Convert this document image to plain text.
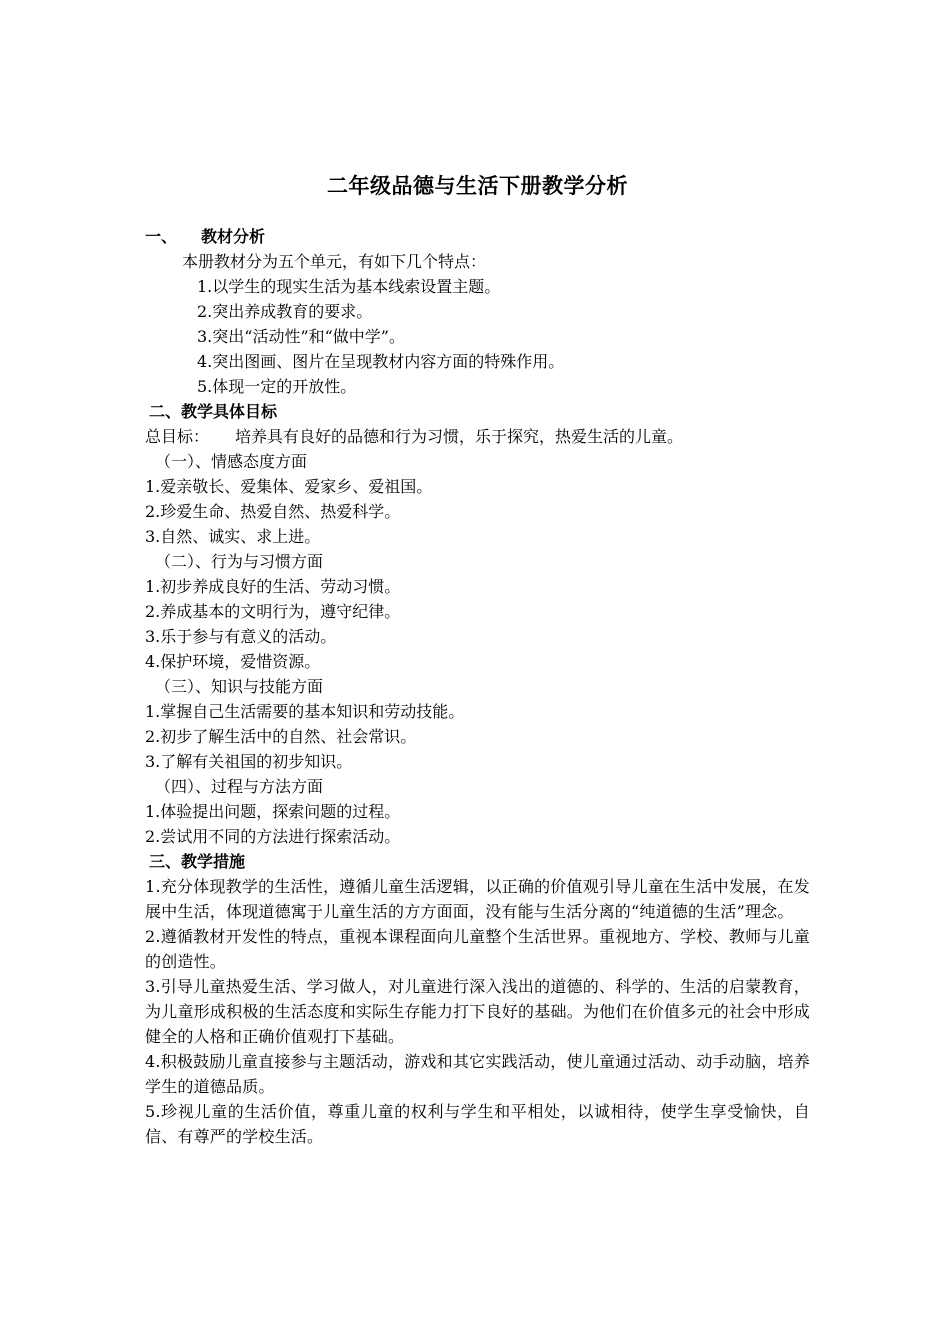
二年级品德与生活下册教学分析
一、 教材分析
本册教材分为五个单元，有如下几个特点：
1.以学生的现实生活为基本线索设置主题。
2.突出养成教育的要求。
3.突出“活动性”和“做中学”。
4.突出图画、图片在呈现教材内容方面的特殊作用。
5.体现一定的开放性。
二、教学具体目标
总目标： 培养具有良好的品德和行为习惯，乐于探究，热爱生活的儿童。
（一）、情感态度方面
1.爱亲敬长、爱集体、爱家乡、爱祖国。
2.珍爱生命、热爱自然、热爱科学。
3.自然、诚实、求上进。
（二）、行为与习惯方面
1.初步养成良好的生活、劳动习惯。
2.养成基本的文明行为，遵守纪律。
3.乐于参与有意义的活动。
4.保护环境，爱惜资源。
（三）、知识与技能方面
1.掌握自己生活需要的基本知识和劳动技能。
2.初步了解生活中的自然、社会常识。
3.了解有关祖国的初步知识。
（四）、过程与方法方面
1.体验提出问题，探索问题的过程。
2.尝试用不同的方法进行探索活动。
三、教学措施
1.充分体现教学的生活性，遵循儿童生活逻辑，以正确的价值观引导儿童在生活中发展，在发展中生活，体现道德寓于儿童生活的方方面面，没有能与生活分离的“纯道德的生活”理念。
2.遵循教材开发性的特点，重视本课程面向儿童整个生活世界。重视地方、学校、教师与儿童的创造性。
3.引导儿童热爱生活、学习做人，对儿童进行深入浅出的道德的、科学的、生活的启蒙教育，为儿童形成积极的生活态度和实际生存能力打下良好的基础。为他们在价值多元的社会中形成健全的人格和正确价值观打下基础。
4.积极鼓励儿童直接参与主题活动，游戏和其它实践活动，使儿童通过活动、动手动脑，培养学生的道德品质。
5.珍视儿童的生活价值，尊重儿童的权利与学生和平相处，以诚相待，使学生享受愉快，自信、有尊严的学校生活。
